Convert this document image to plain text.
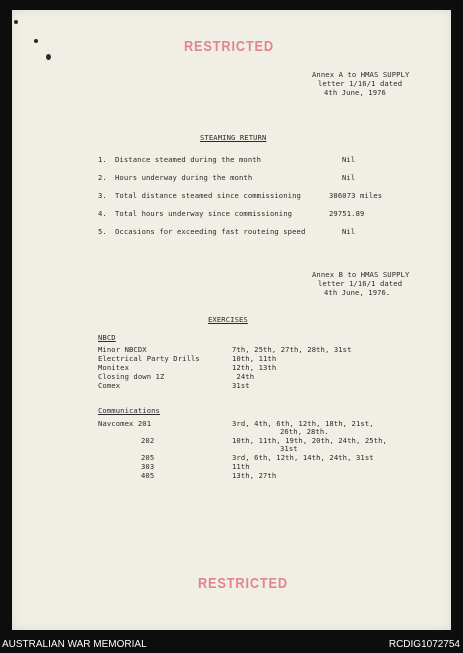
RESTRICTED
Annex A to HMAS SUPPLY
letter 1/16/1 dated
4th June, 1976
STEAMING RETURN
1. Distance steamed during the month	Nil
2. Hours underway during the month	Nil
3. Total distance steamed since commissioning	386073 miles
4. Total hours underway since commissioning	29751.89
5. Occasions for exceeding fast routeing speed	Nil
Annex B to HMAS SUPPLY
letter 1/16/1 dated
4th June, 1976.
EXERCISES
NBCD
Minor NBCDX	7th, 25th, 27th, 28th, 31st
Electrical Party Drills	10th, 11th
Monitex	12th, 13th
Closing down 1Z	24th
Comex	31st
Communications
Navcomex 201	3rd, 4th, 6th, 12th, 18th, 21st,
26th, 28th.
202	10th, 11th, 19th, 20th, 24th, 25th,
31st
205	3rd, 6th, 12th, 14th, 24th, 31st
303	11th
405	13th, 27th
RESTRICTED
AUSTRALIAN WAR MEMORIAL	RCDIG1072754
